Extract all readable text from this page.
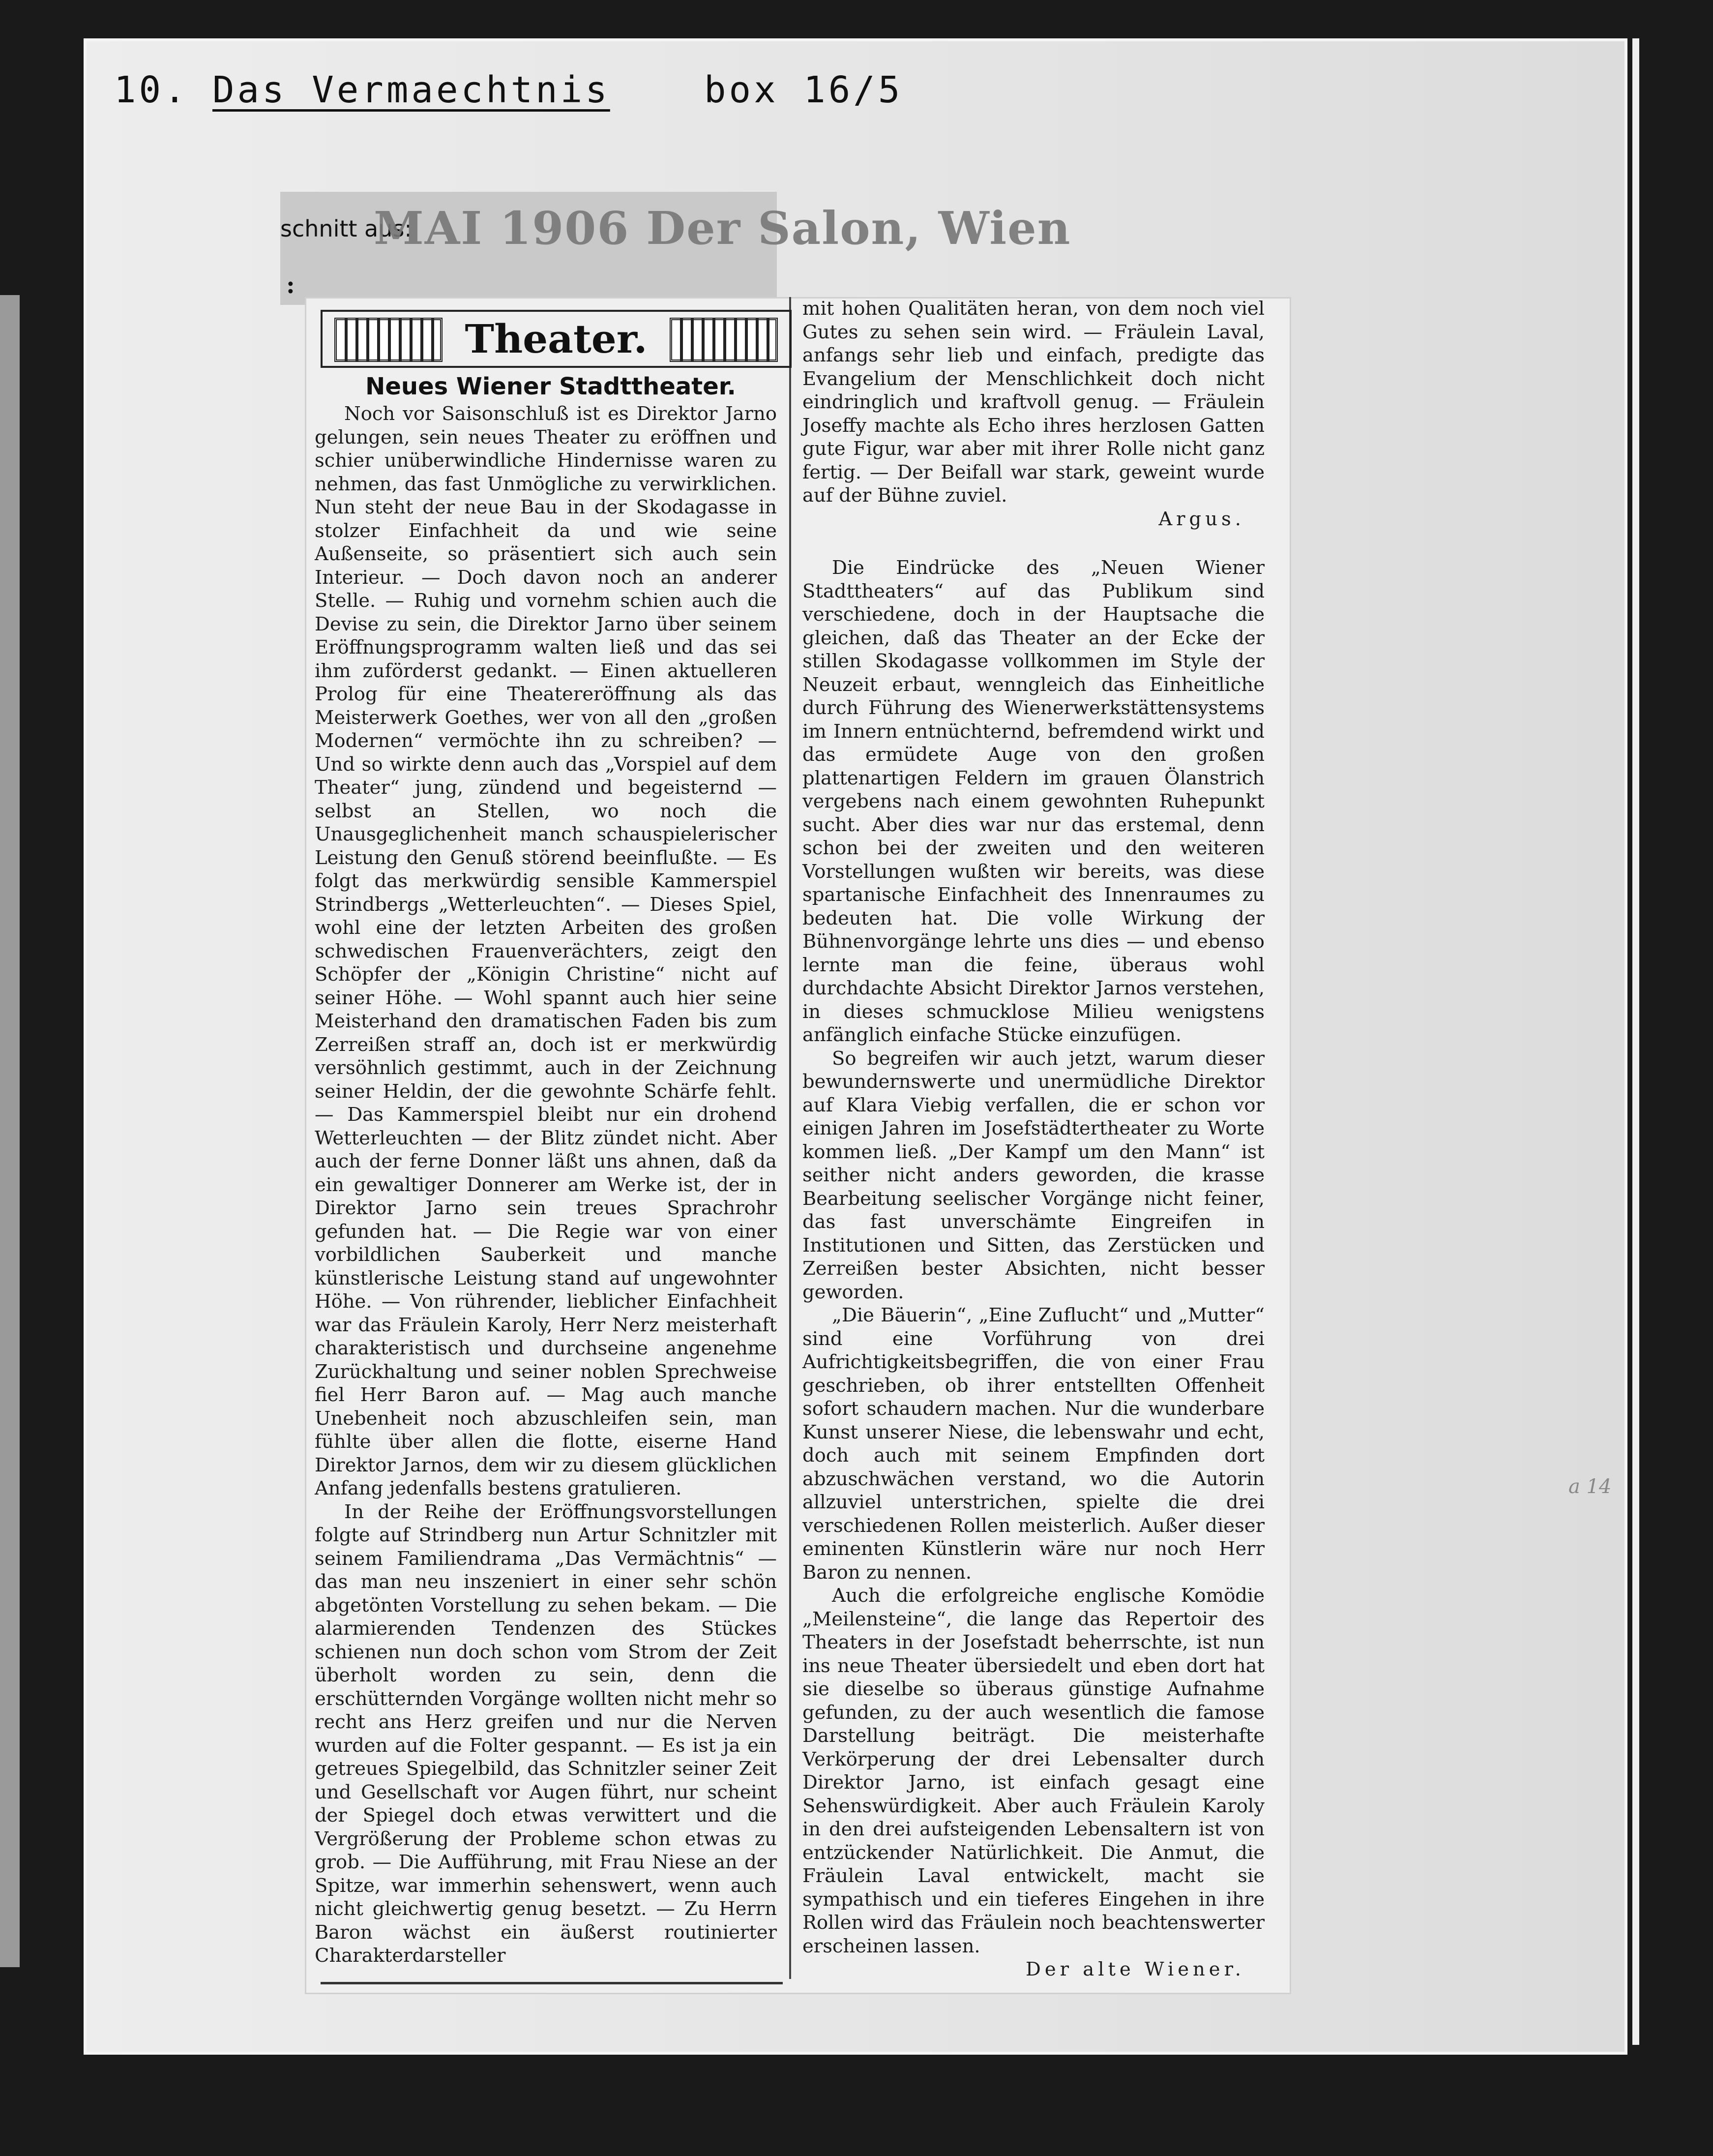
10. Das Vermaechtnis	box 16/5
schnitt aus:
MAI 1906 Der Salon, Wien
:
Theater.
Neues Wiener Stadttheater.

Noch vor Saisonschluß ist es Direktor Jarno gelungen, sein neues Theater zu eröffnen und schier unüberwindliche Hindernisse waren zu nehmen, das fast Unmögliche zu verwirklichen. Nun steht der neue Bau in der Skodagasse in stolzer Einfachheit da und wie seine Außenseite, so präsentiert sich auch sein Interieur. — Doch davon noch an anderer Stelle. — Ruhig und vornehm schien auch die Devise zu sein, die Direktor Jarno über seinem Eröffnungsprogramm walten ließ und das sei ihm zuförderst gedankt. — Einen aktuelleren Prolog für eine Theatereröffnung als das Meisterwerk Goethes, wer von all den „großen Modernen“ vermöchte ihn zu schreiben? — Und so wirkte denn auch das „Vorspiel auf dem Theater“ jung, zündend und begeisternd — selbst an Stellen, wo noch die Unausgeglichenheit manch schauspielerischer Leistung den Genuß störend beeinflußte. — Es folgt das merkwürdig sensible Kammerspiel Strindbergs „Wetterleuchten“. — Dieses Spiel, wohl eine der letzten Arbeiten des großen schwedischen Frauenverächters, zeigt den Schöpfer der „Königin Christine“ nicht auf seiner Höhe. — Wohl spannt auch hier seine Meisterhand den dramatischen Faden bis zum Zerreißen straff an, doch ist er merkwürdig versöhnlich gestimmt, auch in der Zeichnung seiner Heldin, der die gewohnte Schärfe fehlt. — Das Kammerspiel bleibt nur ein drohend Wetterleuchten — der Blitz zündet nicht. Aber auch der ferne Donner läßt uns ahnen, daß da ein gewaltiger Donnerer am Werke ist, der in Direktor Jarno sein treues Sprachrohr gefunden hat. — Die Regie war von einer vorbildlichen Sauberkeit und manche künstlerische Leistung stand auf ungewohnter Höhe. — Von rührender, lieblicher Einfachheit war das Fräulein Karoly, Herr Nerz meisterhaft charakteristisch und durchseine angenehme Zurückhaltung und seiner noblen Sprechweise fiel Herr Baron auf. — Mag auch manche Unebenheit noch abzuschleifen sein, man fühlte über allen die flotte, eiserne Hand Direktor Jarnos, dem wir zu diesem glücklichen Anfang jedenfalls bestens gratulieren.

In der Reihe der Eröffnungsvorstellungen folgte auf Strindberg nun Artur Schnitzler mit seinem Familiendrama „Das Vermächtnis“ — das man neu inszeniert in einer sehr schön abgetönten Vorstellung zu sehen bekam. — Die alarmierenden Tendenzen des Stückes schienen nun doch schon vom Strom der Zeit überholt worden zu sein, denn die erschütternden Vorgänge wollten nicht mehr so recht ans Herz greifen und nur die Nerven wurden auf die Folter gespannt. — Es ist ja ein getreues Spiegelbild, das Schnitzler seiner Zeit und Gesellschaft vor Augen führt, nur scheint der Spiegel doch etwas verwittert und die Vergrößerung der Probleme schon etwas zu grob. — Die Aufführung, mit Frau Niese an der Spitze, war immerhin sehenswert, wenn auch nicht gleichwertig genug besetzt. — Zu Herrn Baron wächst ein äußerst routinierter Charakterdarsteller

mit hohen Qualitäten heran, von dem noch viel Gutes zu sehen sein wird. — Fräulein Laval, anfangs sehr lieb und einfach, predigte das Evangelium der Menschlichkeit doch nicht eindringlich und kraftvoll genug. — Fräulein Joseffy machte als Echo ihres herzlosen Gatten gute Figur, war aber mit ihrer Rolle nicht ganz fertig. — Der Beifall war stark, geweint wurde auf der Bühne zuviel.

Argus.

Die Eindrücke des „Neuen Wiener Stadttheaters“ auf das Publikum sind verschiedene, doch in der Hauptsache die gleichen, daß das Theater an der Ecke der stillen Skodagasse vollkommen im Style der Neuzeit erbaut, wenngleich das Einheitliche durch Führung des Wienerwerkstättensystems im Innern entnüchternd, befremdend wirkt und das ermüdete Auge von den großen plattenartigen Feldern im grauen Ölanstrich vergebens nach einem gewohnten Ruhepunkt sucht. Aber dies war nur das erstemal, denn schon bei der zweiten und den weiteren Vorstellungen wußten wir bereits, was diese spartanische Einfachheit des Innenraumes zu bedeuten hat. Die volle Wirkung der Bühnenvorgänge lehrte uns dies — und ebenso lernte man die feine, überaus wohl durchdachte Absicht Direktor Jarnos verstehen, in dieses schmucklose Milieu wenigstens anfänglich einfache Stücke einzufügen.

So begreifen wir auch jetzt, warum dieser bewundernswerte und unermüdliche Direktor auf Klara Viebig verfallen, die er schon vor einigen Jahren im Josefstädtertheater zu Worte kommen ließ. „Der Kampf um den Mann“ ist seither nicht anders geworden, die krasse Bearbeitung seelischer Vorgänge nicht feiner, das fast unverschämte Eingreifen in Institutionen und Sitten, das Zerstücken und Zerreißen bester Absichten, nicht besser geworden.

„Die Bäuerin“, „Eine Zuflucht“ und „Mutter“ sind eine Vorführung von drei Aufrichtigkeitsbegriffen, die von einer Frau geschrieben, ob ihrer entstellten Offenheit sofort schaudern machen. Nur die wunderbare Kunst unserer Niese, die lebenswahr und echt, doch auch mit seinem Empfinden dort abzuschwächen verstand, wo die Autorin allzuviel unterstrichen, spielte die drei verschiedenen Rollen meisterlich. Außer dieser eminenten Künstlerin wäre nur noch Herr Baron zu nennen.

Auch die erfolgreiche englische Komödie „Meilensteine“, die lange das Repertoir des Theaters in der Josefstadt beherrschte, ist nun ins neue Theater übersiedelt und eben dort hat sie dieselbe so überaus günstige Aufnahme gefunden, zu der auch wesentlich die famose Darstellung beiträgt. Die meisterhafte Verkörperung der drei Lebensalter durch Direktor Jarno, ist einfach gesagt eine Sehenswürdigkeit. Aber auch Fräulein Karoly in den drei aufsteigenden Lebensaltern ist von entzückender Natürlichkeit. Die Anmut, die Fräulein Laval entwickelt, macht sie sympathisch und ein tieferes Eingehen in ihre Rollen wird das Fräulein noch beachtenswerter erscheinen lassen.

Der alte Wiener.
a 14
